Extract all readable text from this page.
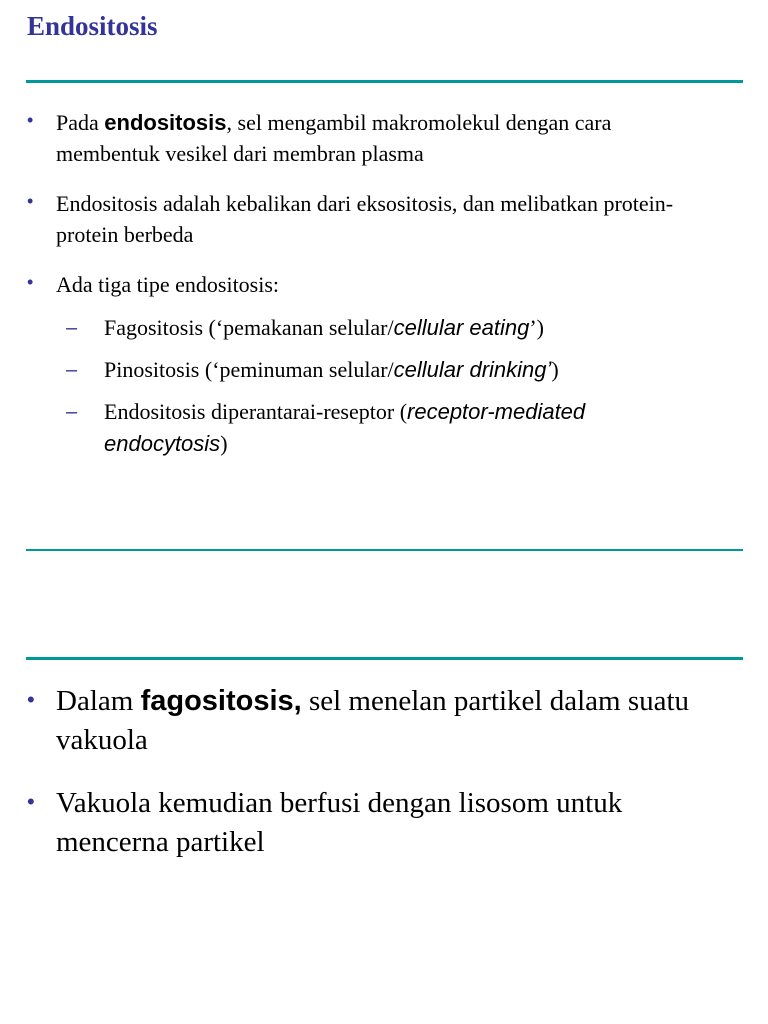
Endositosis
• Pada endositosis, sel mengambil makromolekul dengan cara membentuk vesikel dari membran plasma
• Endositosis adalah kebalikan dari eksositosis, dan melibatkan protein-protein berbeda
• Ada tiga tipe endositosis:
– Fagositosis (‘pemakanan selular/cellular eating’)
– Pinositosis (‘peminuman selular/cellular drinking’)
– Endositosis diperantarai-reseptor (receptor-mediated endocytosis)
• Dalam fagositosis, sel menelan partikel dalam suatu vakuola
• Vakuola kemudian berfusi dengan lisosom untuk mencerna partikel
